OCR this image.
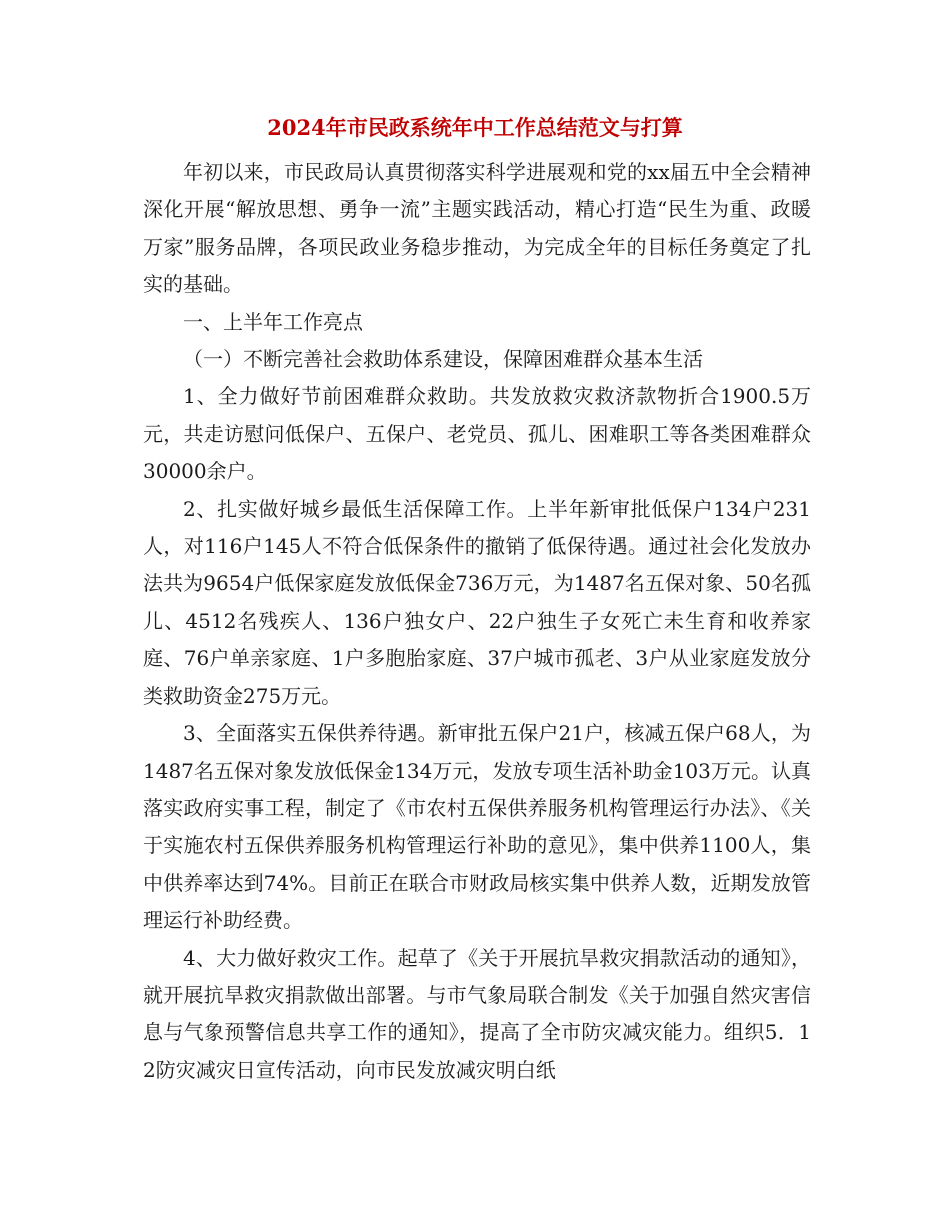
2024年市民政系统年中工作总结范文与打算

年初以来，市民政局认真贯彻落实科学进展观和党的xx届五中全会精神深化开展“解放思想、勇争一流”主题实践活动，精心打造“民生为重、政暖万家”服务品牌，各项民政业务稳步推动，为完成全年的目标任务奠定了扎实的基础。

一、上半年工作亮点

（一）不断完善社会救助体系建设，保障困难群众基本生活

1、全力做好节前困难群众救助。共发放救灾救济款物折合1900.5万元，共走访慰问低保户、五保户、老党员、孤儿、困难职工等各类困难群众30000余户。

2、扎实做好城乡最低生活保障工作。上半年新审批低保户134户231人，对116户145人不符合低保条件的撤销了低保待遇。通过社会化发放办法共为9654户低保家庭发放低保金736万元，为1487名五保对象、50名孤儿、4512名残疾人、136户独女户、22户独生子女死亡未生育和收养家庭、76户单亲家庭、1户多胞胎家庭、37户城市孤老、3户从业家庭发放分类救助资金275万元。

3、全面落实五保供养待遇。新审批五保户21户，核减五保户68人，为1487名五保对象发放低保金134万元，发放专项生活补助金103万元。认真落实政府实事工程，制定了《市农村五保供养服务机构管理运行办法》、《关于实施农村五保供养服务机构管理运行补助的意见》，集中供养1100人，集中供养率达到74%。目前正在联合市财政局核实集中供养人数，近期发放管理运行补助经费。

4、大力做好救灾工作。起草了《关于开展抗旱救灾捐款活动的通知》，就开展抗旱救灾捐款做出部署。与市气象局联合制发《关于加强自然灾害信息与气象预警信息共享工作的通知》，提高了全市防灾减灾能力。组织5．12防灾减灾日宣传活动，向市民发放减灾明白纸
